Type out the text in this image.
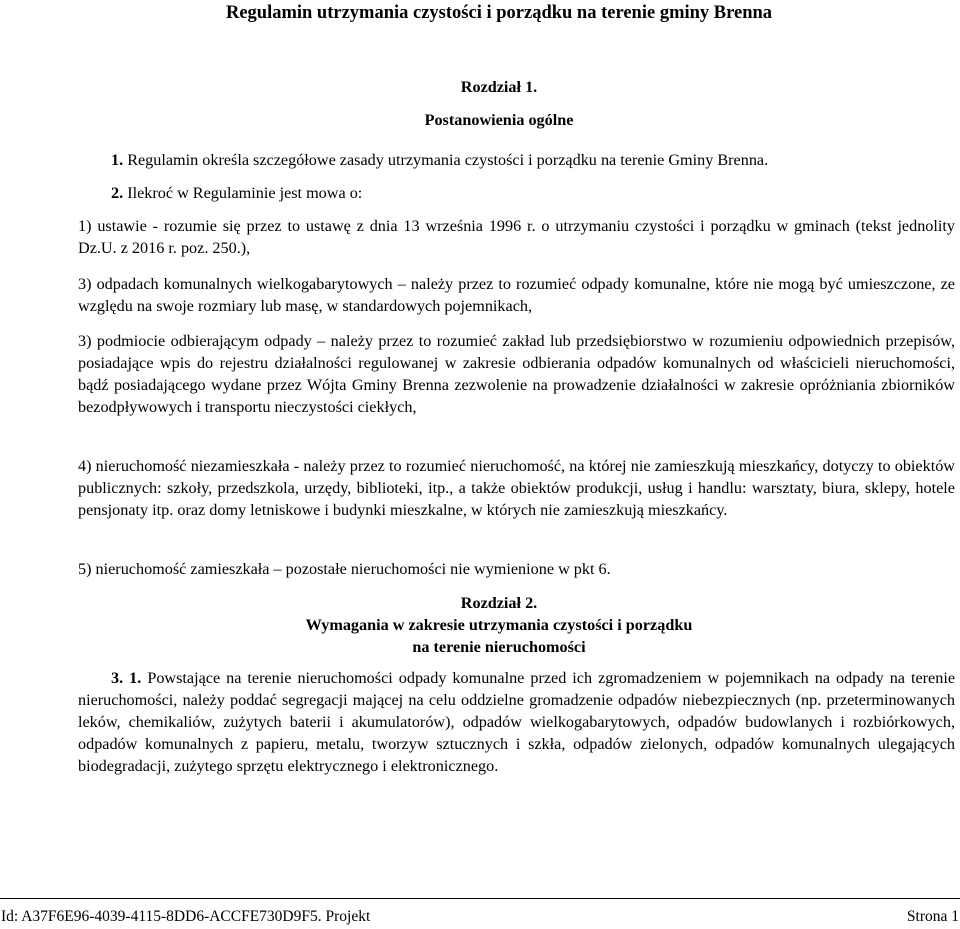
Regulamin utrzymania czystości i porządku na terenie gminy Brenna

Rozdział 1.

Postanowienia ogólne

1. Regulamin określa szczegółowe zasady utrzymania czystości i porządku na terenie Gminy Brenna.

2. Ilekroć w Regulaminie jest mowa o:

1) ustawie - rozumie się przez to ustawę z dnia 13 września 1996 r. o utrzymaniu czystości i porządku w gminach (tekst jednolity Dz.U. z 2016 r. poz. 250.),

3) odpadach komunalnych wielkogabarytowych – należy przez to rozumieć odpady komunalne, które nie mogą być umieszczone, ze względu na swoje rozmiary lub masę, w standardowych pojemnikach,

3) podmiocie odbierającym odpady – należy przez to rozumieć zakład lub przedsiębiorstwo w rozumieniu odpowiednich przepisów, posiadające wpis do rejestru działalności regulowanej w zakresie odbierania odpadów komunalnych od właścicieli nieruchomości, bądź posiadającego wydane przez Wójta Gminy Brenna zezwolenie na prowadzenie działalności w zakresie opróżniania zbiorników bezodpływowych i transportu nieczystości ciekłych,

4) nieruchomość niezamieszkała - należy przez to rozumieć nieruchomość, na której nie zamieszkują mieszkańcy, dotyczy to obiektów publicznych: szkoły, przedszkola, urzędy, biblioteki, itp., a także obiektów produkcji, usług i handlu: warsztaty, biura, sklepy, hotele pensjonaty itp. oraz domy letniskowe i budynki mieszkalne, w których nie zamieszkują mieszkańcy.

5) nieruchomość zamieszkała – pozostałe nieruchomości nie wymienione w pkt 6.

Rozdział 2.

Wymagania w zakresie utrzymania czystości i porządku

na terenie nieruchomości

3. 1. Powstające na terenie nieruchomości odpady komunalne przed ich zgromadzeniem w pojemnikach na odpady na terenie nieruchomości, należy poddać segregacji mającej na celu oddzielne gromadzenie odpadów niebezpiecznych (np. przeterminowanych leków, chemikaliów, zużytych baterii i akumulatorów), odpadów wielkogabarytowych, odpadów budowlanych i rozbiórkowych, odpadów komunalnych z papieru, metalu, tworzyw sztucznych i szkła, odpadów zielonych, odpadów komunalnych ulegających biodegradacji, zużytego sprzętu elektrycznego i elektronicznego.

Id: A37F6E96-4039-4115-8DD6-ACCFE730D9F5. Projekt	Strona 1
